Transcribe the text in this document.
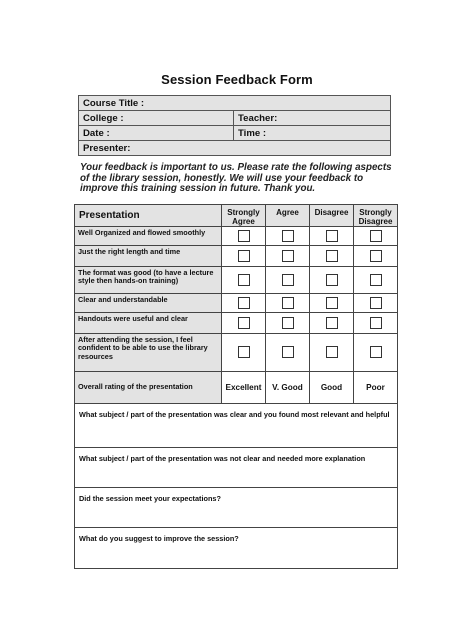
Session Feedback Form
Course Title :	
College :	Teacher:
Date :	Time :
Presenter:	
Your feedback is important to us. Please rate the following aspects of the library session, honestly. We will use your feedback to improve this training session in future. Thank you.
Presentation	Strongly Agree	Agree	Disagree	Strongly Disagree
Well Organized and flowed smoothly				
Just the right length and time				
The format was good (to have a lecture style then hands-on training)				
Clear and understandable				
Handouts were useful and clear				
After attending the session, I feel confident to be able to use the library resources				
Overall rating of the presentation	Excellent	V. Good	Good	Poor
What subject / part of the presentation was clear and you found most relevant and helpful				
What subject / part of the presentation was not clear and needed more explanation				
Did the session meet your expectations?				
What do you suggest to improve the session?				
